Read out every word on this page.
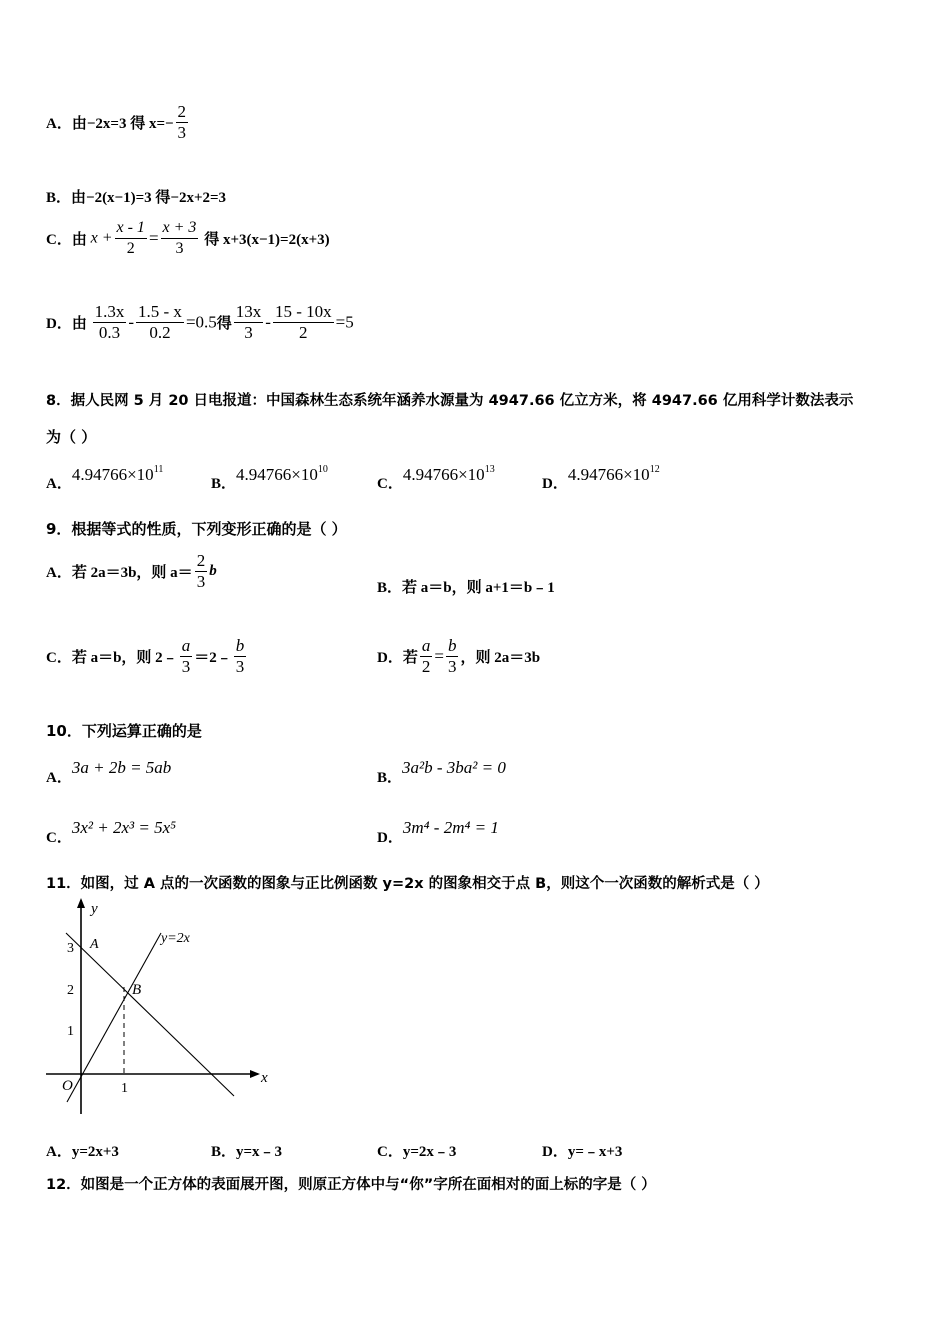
A．由−2x=3 得 $x=- \frac{2}{3}$
B．由−2(x−1)=3 得−2x+2=3
C．由 $x + \frac{x - 1}{2} = \frac{x + 3}{3}$ 得 x+3(x−1)=2(x+3)
D．由 $\frac{1.3x}{0.3} - \frac{1.5 - x}{0.2} =0.5$得 $\frac{13x}{3} - \frac{15 - 10x}{2} =5$
8．据人民网 5 月 20 日电报道：中国森林生态系统年涵养水源量为 4947.66 亿立方米，将 4947.66 亿用科学计数法表示
为（ ）
A．$4.94766\times 10^{11}$
B．$4.94766\times 10^{10}$
C．$4.94766\times 10^{13}$
D．$4.94766\times 10^{12}$
9．根据等式的性质，下列变形正确的是（ ）
A．若 2a＝3b，则 $a= \frac{2}{3}$ b
B．若 a＝b，则 a+1＝b﹣1
C．若 a＝b，则 2﹣ $\frac{a}{3}$ ＝2﹣ $\frac{b}{3}$	D．若 $\frac{a}{2} = \frac{b}{3}$ ，则 2a＝3b
10．下列运算正确的是
A．3a + 2b = 5ab
B．3a²b - 3ba² = 0
C．3x² + 2x³ = 5x⁵
D．3m⁴ - 2m⁴ = 1
11．如图，过 A 点的一次函数的图象与正比例函数 y=2x 的图象相交于点 B，则这个一次函数的解析式是（ ）
y
x
O
A
B
y=2x
3
2
1
1
A．y=2x+3	B．y=x﹣3	C．y=2x﹣3	D．y=﹣x+3
12．如图是一个正方体的表面展开图，则原正方体中与“你”字所在面相对的面上标的字是（ ）
